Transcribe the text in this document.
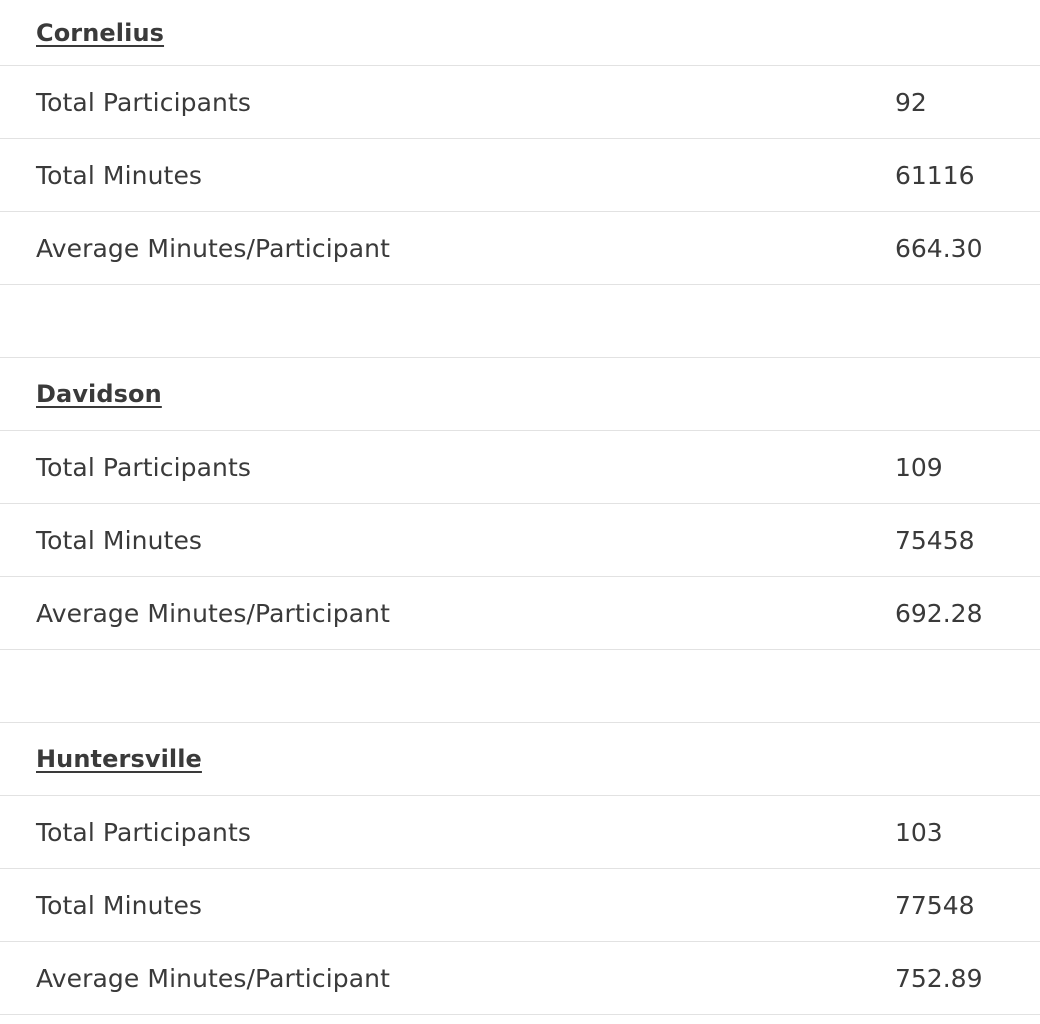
Cornelius
Total Participants	92
Total Minutes	61116
Average Minutes/Participant	664.30
Davidson
Total Participants	109
Total Minutes	75458
Average Minutes/Participant	692.28
Huntersville
Total Participants	103
Total Minutes	77548
Average Minutes/Participant	752.89
